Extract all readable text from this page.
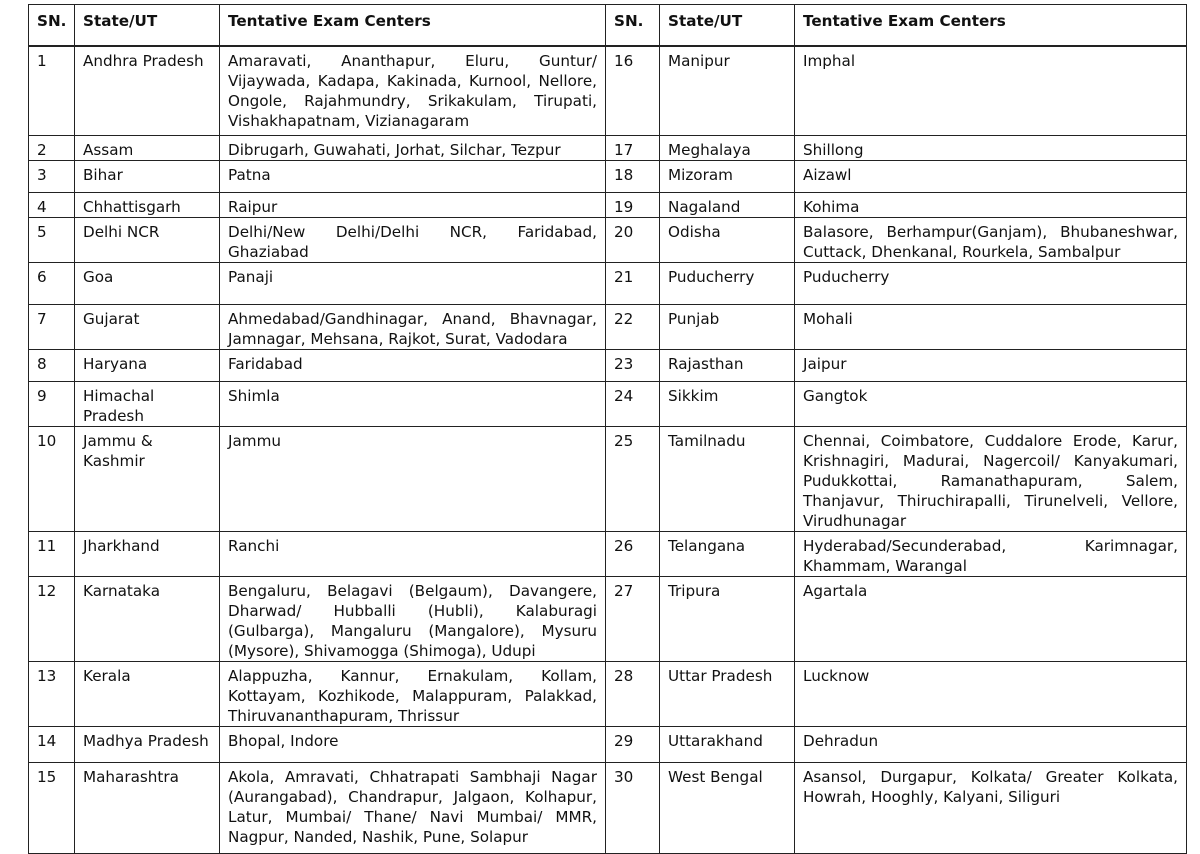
SN.	State/UT	Tentative Exam Centers	SN.	State/UT	Tentative Exam Centers
1	Andhra Pradesh	Amaravati, Ananthapur, Eluru, Guntur/ Vijaywada, Kadapa, Kakinada, Kurnool, Nellore, Ongole, Rajahmundry, Srikakulam, Tirupati, Vishakhapatnam, Vizianagaram	16	Manipur	Imphal
2	Assam	Dibrugarh, Guwahati, Jorhat, Silchar, Tezpur	17	Meghalaya	Shillong
3	Bihar	Patna	18	Mizoram	Aizawl
4	Chhattisgarh	Raipur	19	Nagaland	Kohima
5	Delhi NCR	Delhi/New Delhi/Delhi NCR, Faridabad, Ghaziabad	20	Odisha	Balasore, Berhampur(Ganjam), Bhubaneshwar, Cuttack, Dhenkanal, Rourkela, Sambalpur
6	Goa	Panaji	21	Puducherry	Puducherry
7	Gujarat	Ahmedabad/Gandhinagar, Anand, Bhavnagar, Jamnagar, Mehsana, Rajkot, Surat, Vadodara	22	Punjab	Mohali
8	Haryana	Faridabad	23	Rajasthan	Jaipur
9	Himachal Pradesh	Shimla	24	Sikkim	Gangtok
10	Jammu & Kashmir	Jammu	25	Tamilnadu	Chennai, Coimbatore, Cuddalore Erode, Karur, Krishnagiri, Madurai, Nagercoil/ Kanyakumari, Pudukkottai, Ramanathapuram, Salem, Thanjavur, Thiruchirapalli, Tirunelveli, Vellore, Virudhunagar
11	Jharkhand	Ranchi	26	Telangana	Hyderabad/Secunderabad, Karimnagar, Khammam, Warangal
12	Karnataka	Bengaluru, Belagavi (Belgaum), Davangere, Dharwad/ Hubballi (Hubli), Kalaburagi (Gulbarga), Mangaluru (Mangalore), Mysuru (Mysore), Shivamogga (Shimoga), Udupi	27	Tripura	Agartala
13	Kerala	Alappuzha, Kannur, Ernakulam, Kollam, Kottayam, Kozhikode, Malappuram, Palakkad, Thiruvananthapuram, Thrissur	28	Uttar Pradesh	Lucknow
14	Madhya Pradesh	Bhopal, Indore	29	Uttarakhand	Dehradun
15	Maharashtra	Akola, Amravati, Chhatrapati Sambhaji Nagar (Aurangabad), Chandrapur, Jalgaon, Kolhapur, Latur, Mumbai/ Thane/ Navi Mumbai/ MMR, Nagpur, Nanded, Nashik, Pune, Solapur	30	West Bengal	Asansol, Durgapur, Kolkata/ Greater Kolkata, Howrah, Hooghly, Kalyani, Siliguri
